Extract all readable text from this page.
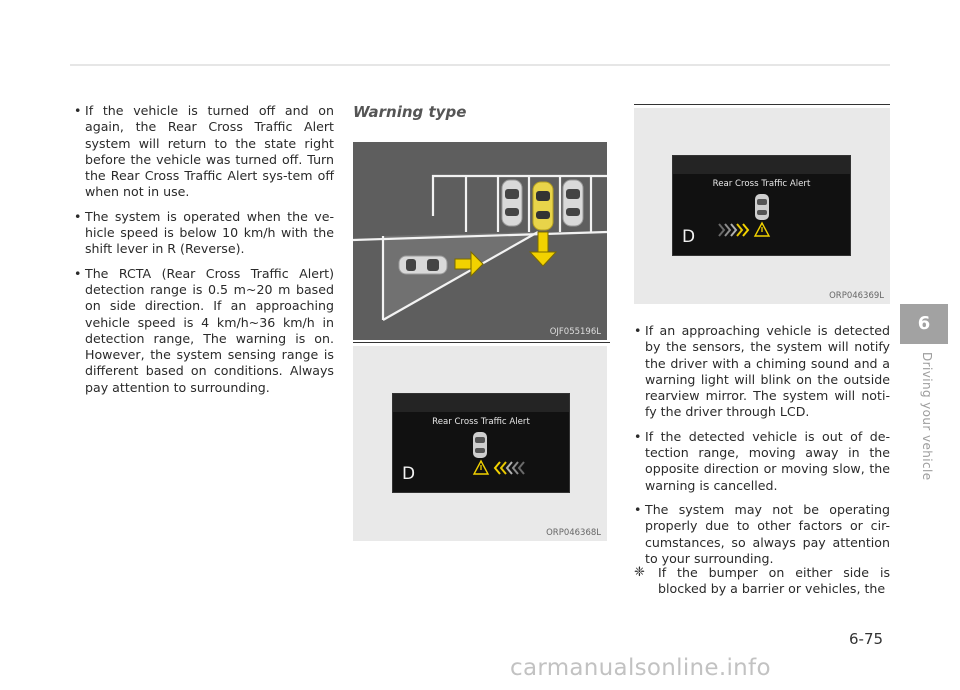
• If the vehicle is turned off and on again, the Rear Cross Traffic Alert system will return to the state right before the vehicle was turned off. Turn the Rear Cross Traffic Alert sys-tem off when not in use.
• The system is operated when the ve-hicle speed is below 10 km/h with the shift lever in R (Reverse).
• The RCTA (Rear Cross Traffic Alert) detection range is 0.5 m~20 m based on side direction. If an approaching vehicle speed is 4 km/h~36 km/h in detection range, The warning is on. However, the system sensing range is different based on conditions. Always pay attention to surrounding.
Warning type
OJF055196L
Rear Cross Traffic Alert
D
ORP046368L
Rear Cross Traffic Alert
D
ORP046369L
• If an approaching vehicle is detected by the sensors, the system will notify the driver with a chiming sound and a warning light will blink on the outside rearview mirror. The system will noti-fy the driver through LCD.
• If the detected vehicle is out of de-tection range, moving away in the opposite direction or moving slow, the warning is cancelled.
• The system may not be operating properly due to other factors or cir-cumstances, so always pay attention to your surrounding.
❈	If the bumper on either side is blocked by a barrier or vehicles, the
6
Driving your vehicle
6-75
carmanualsonline.info
